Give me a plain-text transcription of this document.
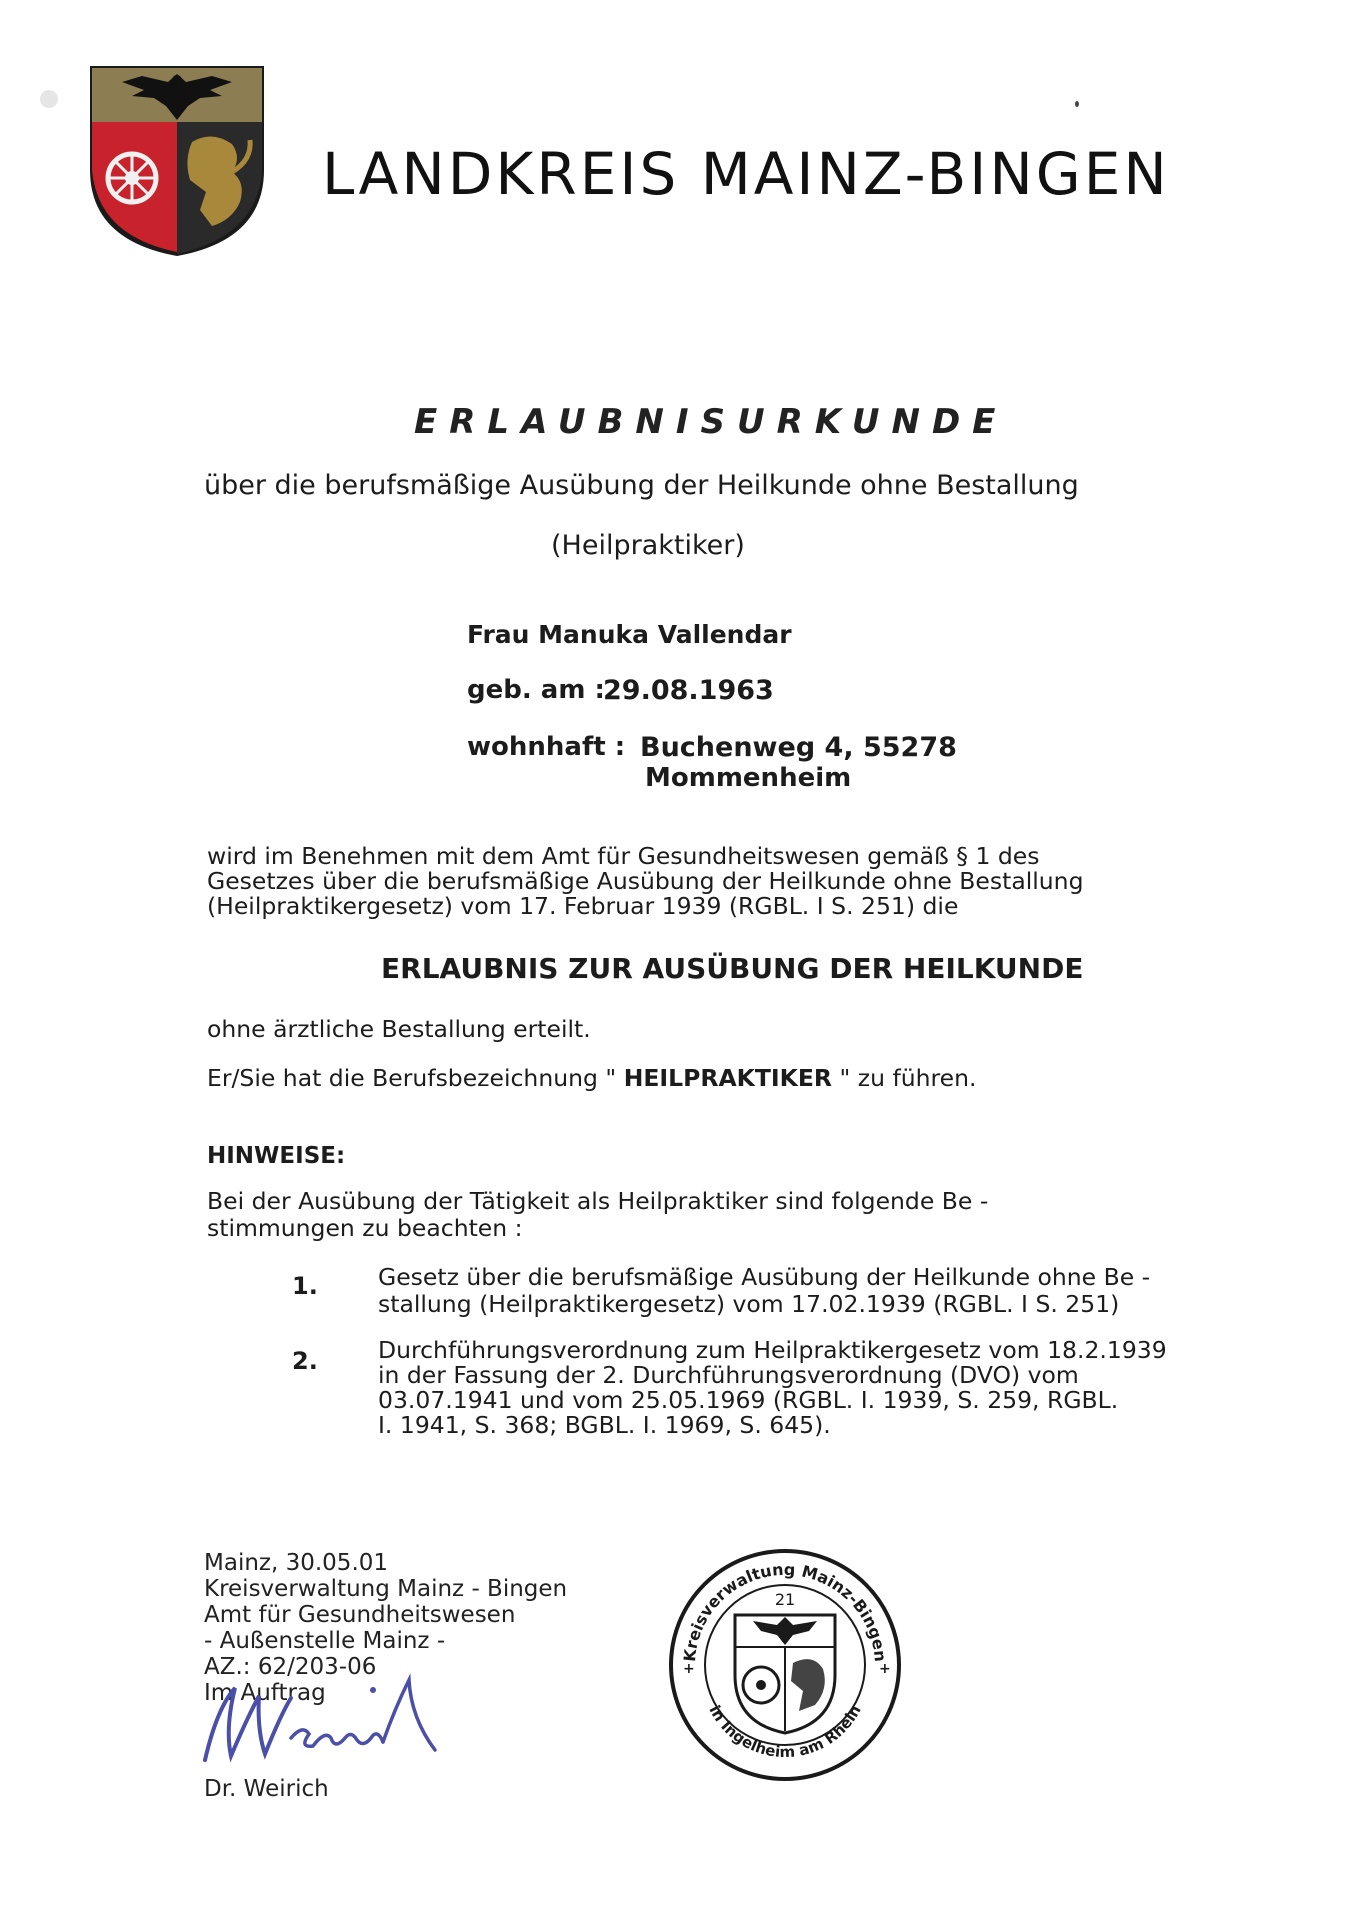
LANDKREIS MAINZ-BINGEN
ERLAUBNISURKUNDE
über die berufsmäßige Ausübung der Heilkunde ohne Bestallung
(Heilpraktiker)
Frau Manuka Vallendar
geb. am :
29.08.1963
wohnhaft : Buchenweg 4, 55278
Mommenheim
wird im Benehmen mit dem Amt für Gesundheitswesen gemäß § 1 des
Gesetzes über die berufsmäßige Ausübung der Heilkunde ohne Bestallung
(Heilpraktikergesetz) vom 17. Februar 1939 (RGBL. I S. 251) die
ERLAUBNIS ZUR AUSÜBUNG DER HEILKUNDE
ohne ärztliche Bestallung erteilt.
Er/Sie hat die Berufsbezeichnung " HEILPRAKTIKER " zu führen.
HINWEISE:
Bei der Ausübung der Tätigkeit als Heilpraktiker sind folgende Be -
stimmungen zu beachten :
1.	Gesetz über die berufsmäßige Ausübung der Heilkunde ohne Be -
stallung (Heilpraktikergesetz) vom 17.02.1939 (RGBL. I S. 251)
2.	Durchführungsverordnung zum Heilpraktikergesetz vom 18.2.1939
in der Fassung der 2. Durchführungsverordnung (DVO) vom
03.07.1941 und vom 25.05.1969 (RGBL. I. 1939, S. 259, RGBL.
I. 1941, S. 368; BGBL. I. 1969, S. 645).
Mainz, 30.05.01
Kreisverwaltung Mainz - Bingen
Amt für Gesundheitswesen
- Außenstelle Mainz -
AZ.: 62/203-06
Im Auftrag
Dr. Weirich
Kreisverwaltung Mainz-Bingen
in Ingelheim am Rhein
21
+	+
